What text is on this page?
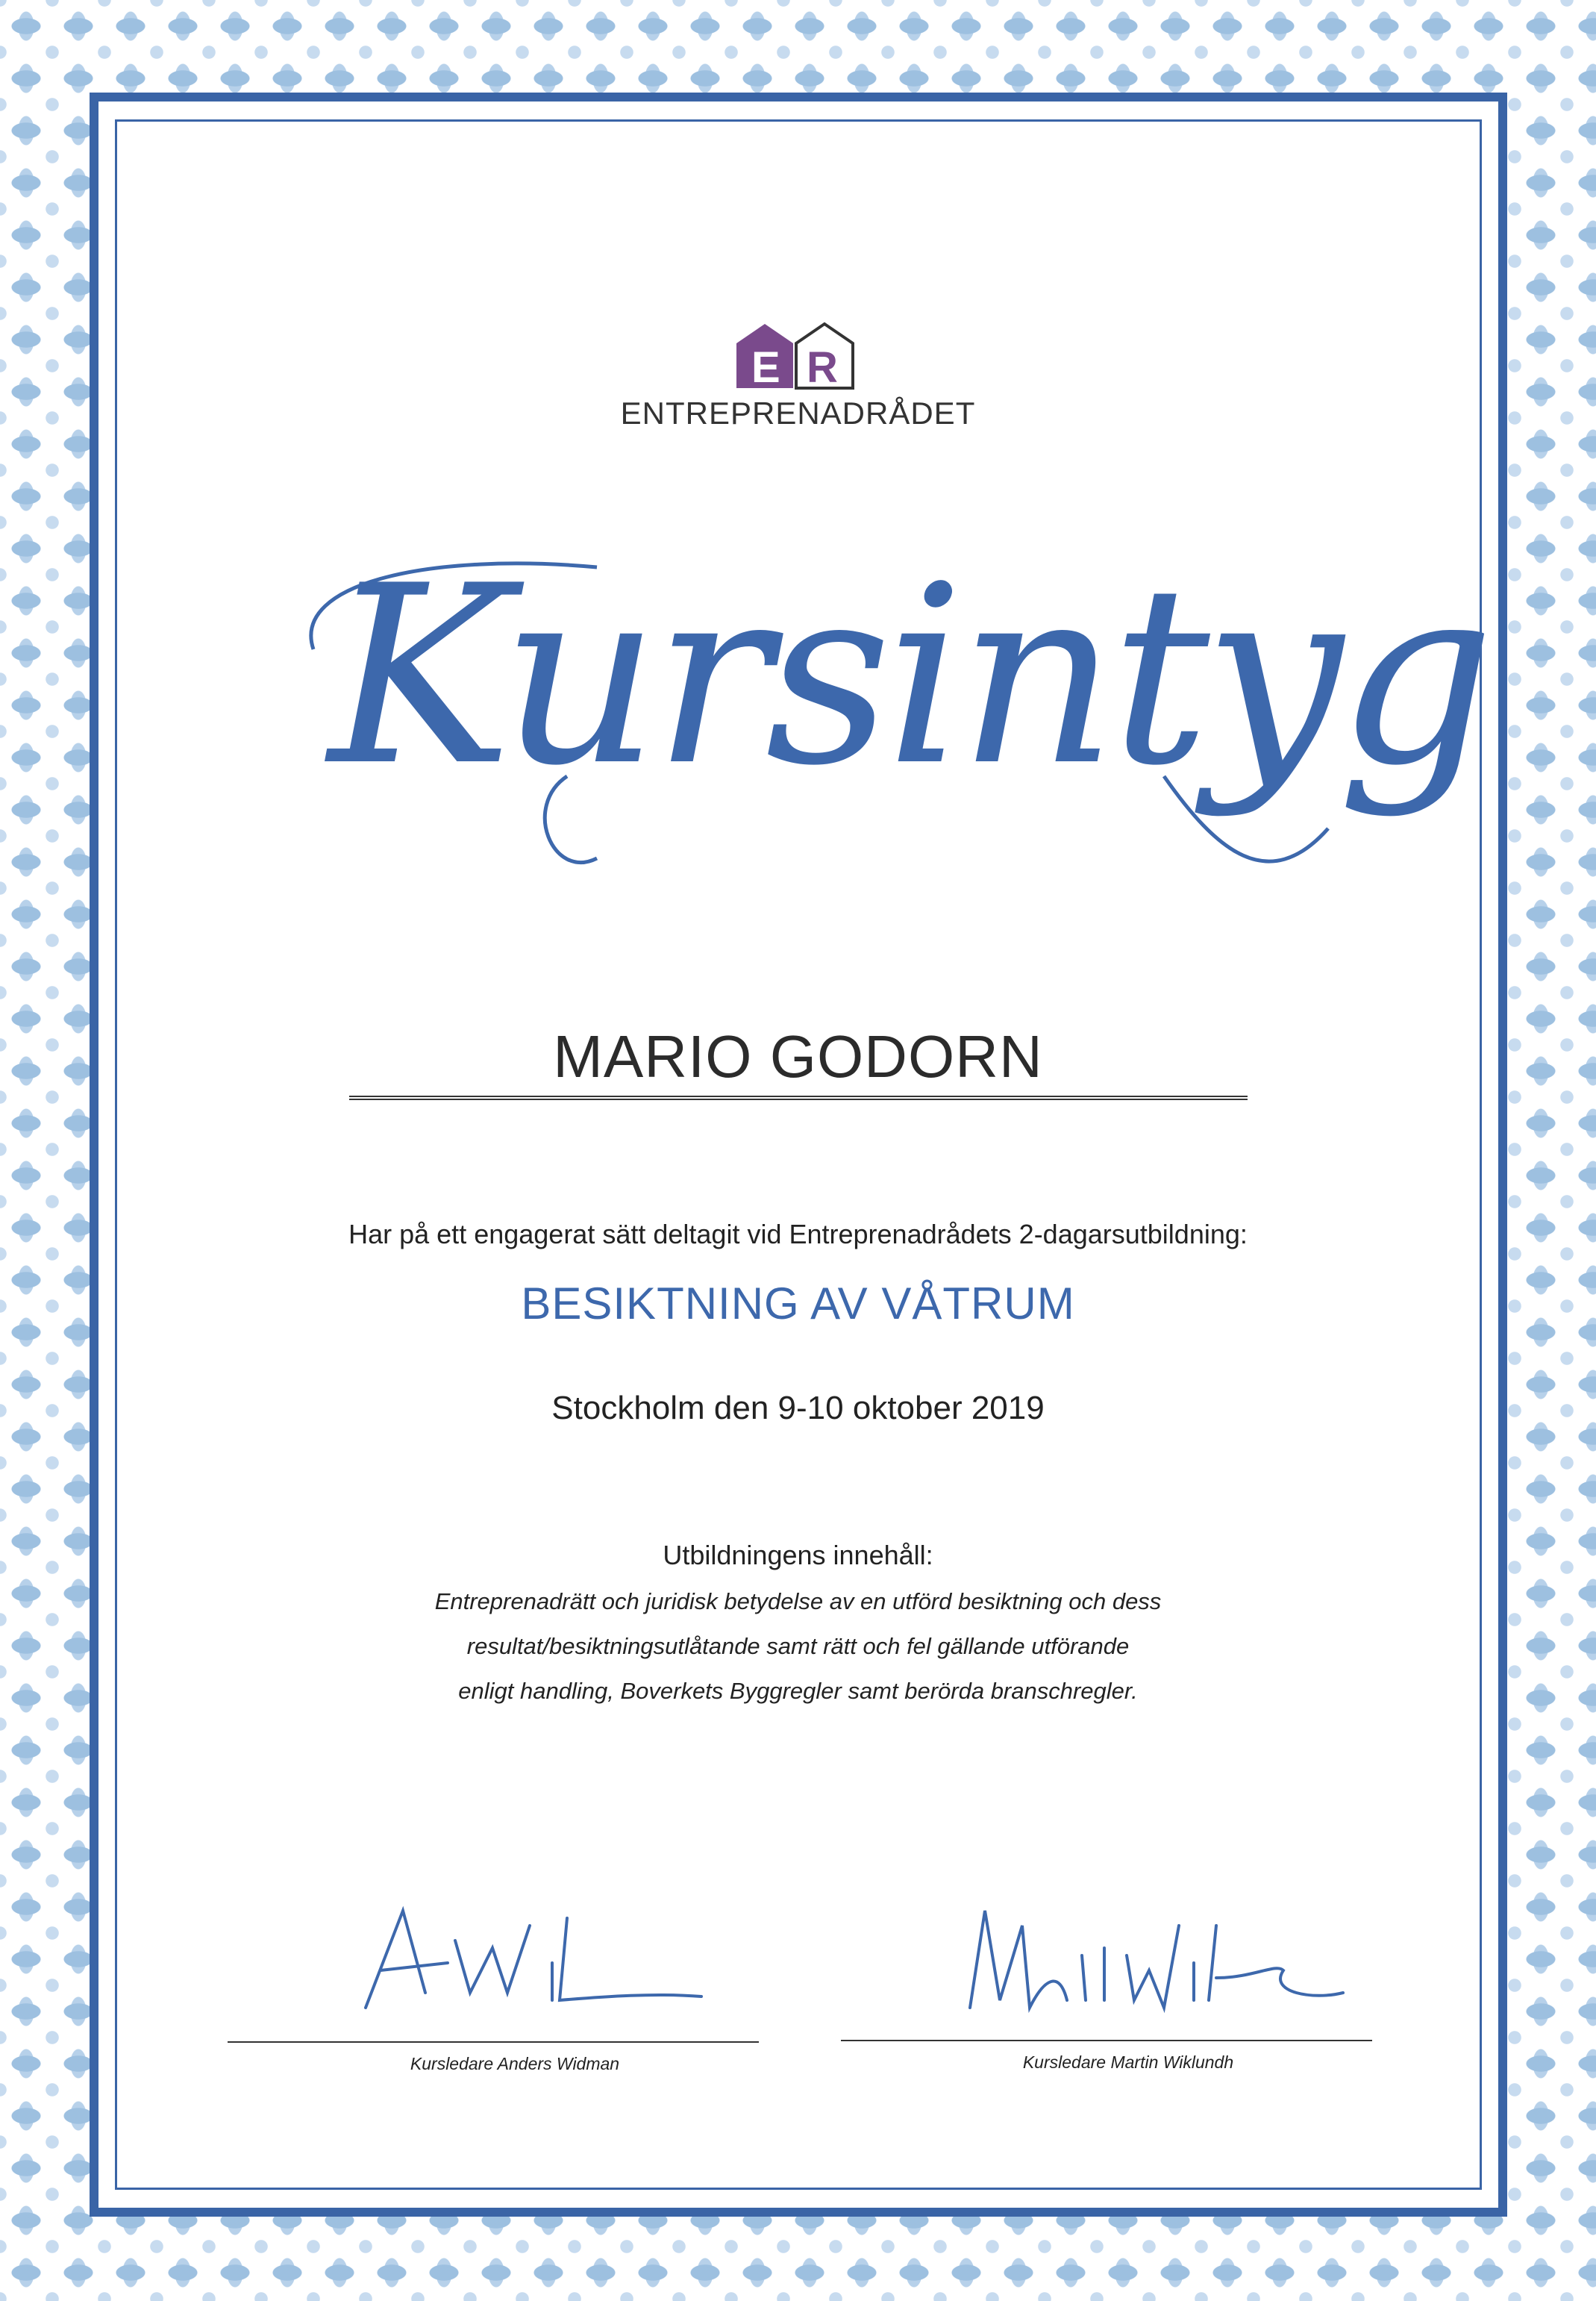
E R
ENTREPRENADRÅDET
Kursintyg
MARIO GODORN
Har på ett engagerat sätt deltagit vid Entreprenadrådets 2-dagarsutbildning:
BESIKTNING AV VÅTRUM
Stockholm den 9-10 oktober 2019
Utbildningens innehåll:
Entreprenadrätt och juridisk betydelse av en utförd besiktning och dess
resultat/besiktningsutlåtande samt rätt och fel gällande utförande
enligt handling, Boverkets Byggregler samt berörda branschregler.
Kursledare Anders Widman	Kursledare Martin Wiklundh
